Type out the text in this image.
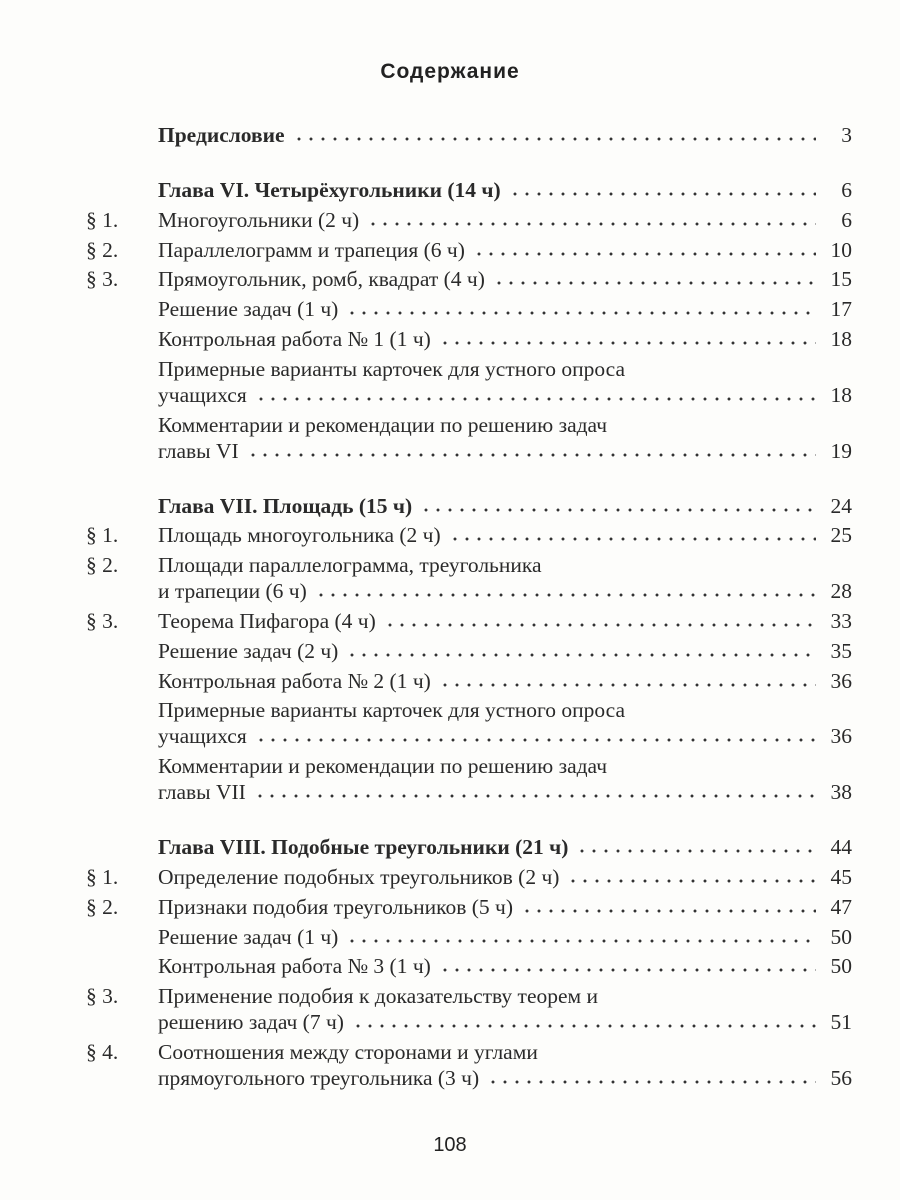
Содержание
Предисловие	3
Глава VI. Четырёхугольники (14 ч)	6
§ 1. Многоугольники (2 ч)	6
§ 2. Параллелограмм и трапеция (6 ч)	10
§ 3. Прямоугольник, ромб, квадрат (4 ч)	15
Решение задач (1 ч)	17
Контрольная работа № 1 (1 ч)	18
Примерные варианты карточек для устного опроса
учащихся	18
Комментарии и рекомендации по решению задач
главы VI	19
Глава VII. Площадь (15 ч)	24
§ 1. Площадь многоугольника (2 ч)	25
§ 2. Площади параллелограмма, треугольника
и трапеции (6 ч)	28
§ 3. Теорема Пифагора (4 ч)	33
Решение задач (2 ч)	35
Контрольная работа № 2 (1 ч)	36
Примерные варианты карточек для устного опроса
учащихся	36
Комментарии и рекомендации по решению задач
главы VII	38
Глава VIII. Подобные треугольники (21 ч)	44
§ 1. Определение подобных треугольников (2 ч)	45
§ 2. Признаки подобия треугольников (5 ч)	47
Решение задач (1 ч)	50
Контрольная работа № 3 (1 ч)	50
§ 3. Применение подобия к доказательству теорем и
решению задач (7 ч)	51
§ 4. Соотношения между сторонами и углами
прямоугольного треугольника (3 ч)	56
108
